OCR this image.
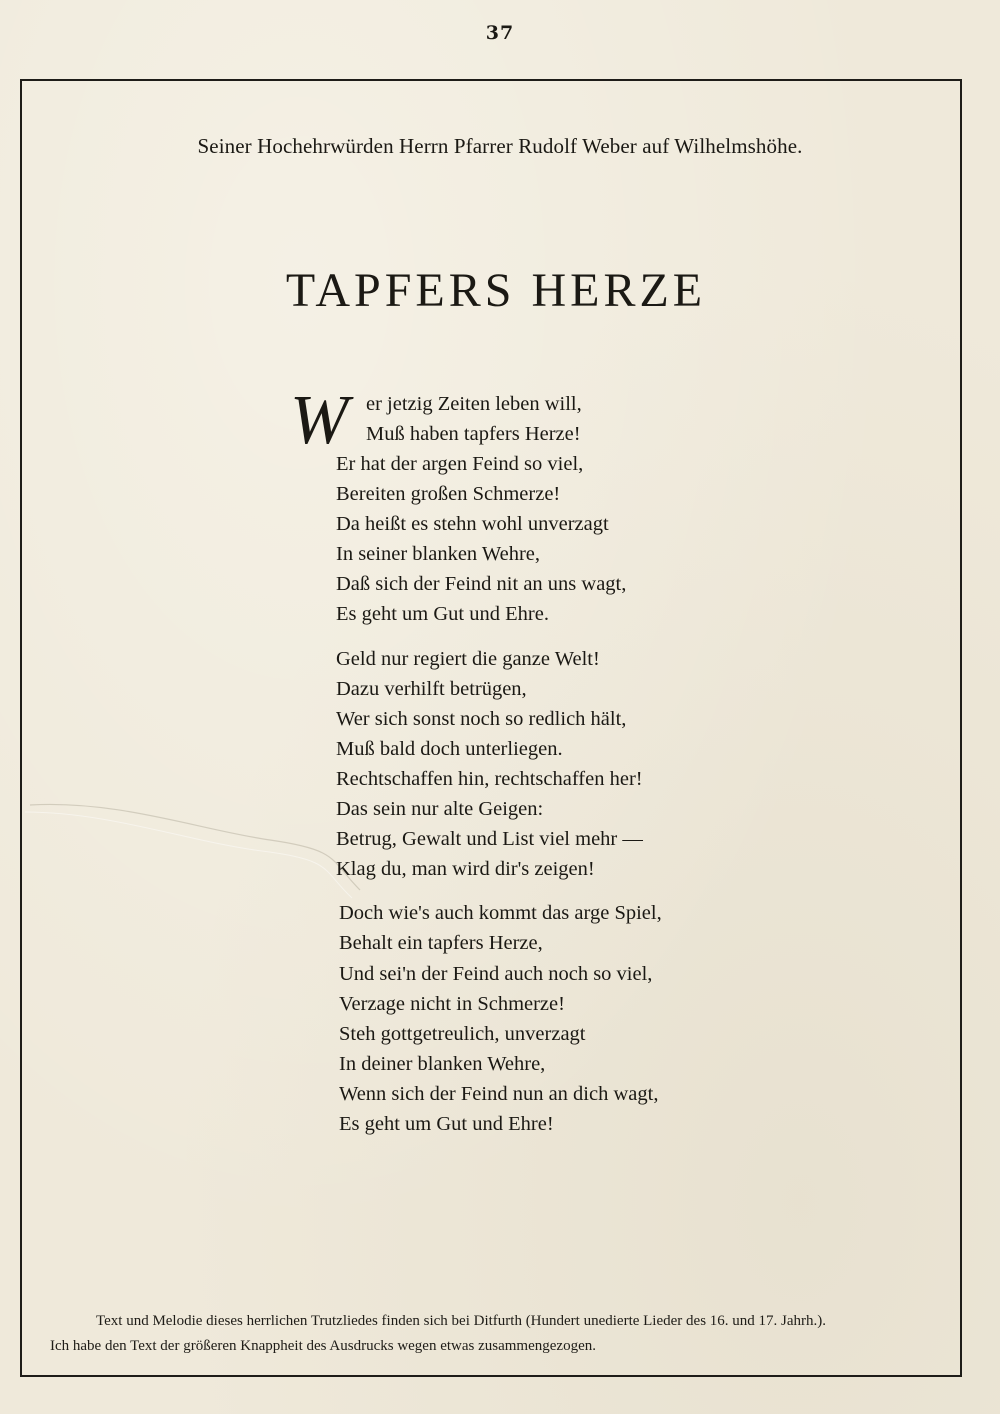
37
Seiner Hochehrwürden Herrn Pfarrer Rudolf Weber auf Wilhelmshöhe.
TAPFERS HERZE
W er jetzig Zeiten leben will,
Muß haben tapfers Herze!
Er hat der argen Feind so viel,
Bereiten großen Schmerze!
Da heißt es stehn wohl unverzagt
In seiner blanken Wehre,
Daß sich der Feind nit an uns wagt,
Es geht um Gut und Ehre.
Geld nur regiert die ganze Welt!
Dazu verhilft betrügen,
Wer sich sonst noch so redlich hält,
Muß bald doch unterliegen.
Rechtschaffen hin, rechtschaffen her!
Das sein nur alte Geigen:
Betrug, Gewalt und List viel mehr —
Klag du, man wird dir's zeigen!
Doch wie's auch kommt das arge Spiel,
Behalt ein tapfers Herze,
Und sei'n der Feind auch noch so viel,
Verzage nicht in Schmerze!
Steh gottgetreulich, unverzagt
In deiner blanken Wehre,
Wenn sich der Feind nun an dich wagt,
Es geht um Gut und Ehre!
Text und Melodie dieses herrlichen Trutzliedes finden sich bei Ditfurth (Hundert unedierte Lieder des 16. und 17. Jahrh.).
Ich habe den Text der größeren Knappheit des Ausdrucks wegen etwas zusammengezogen.
